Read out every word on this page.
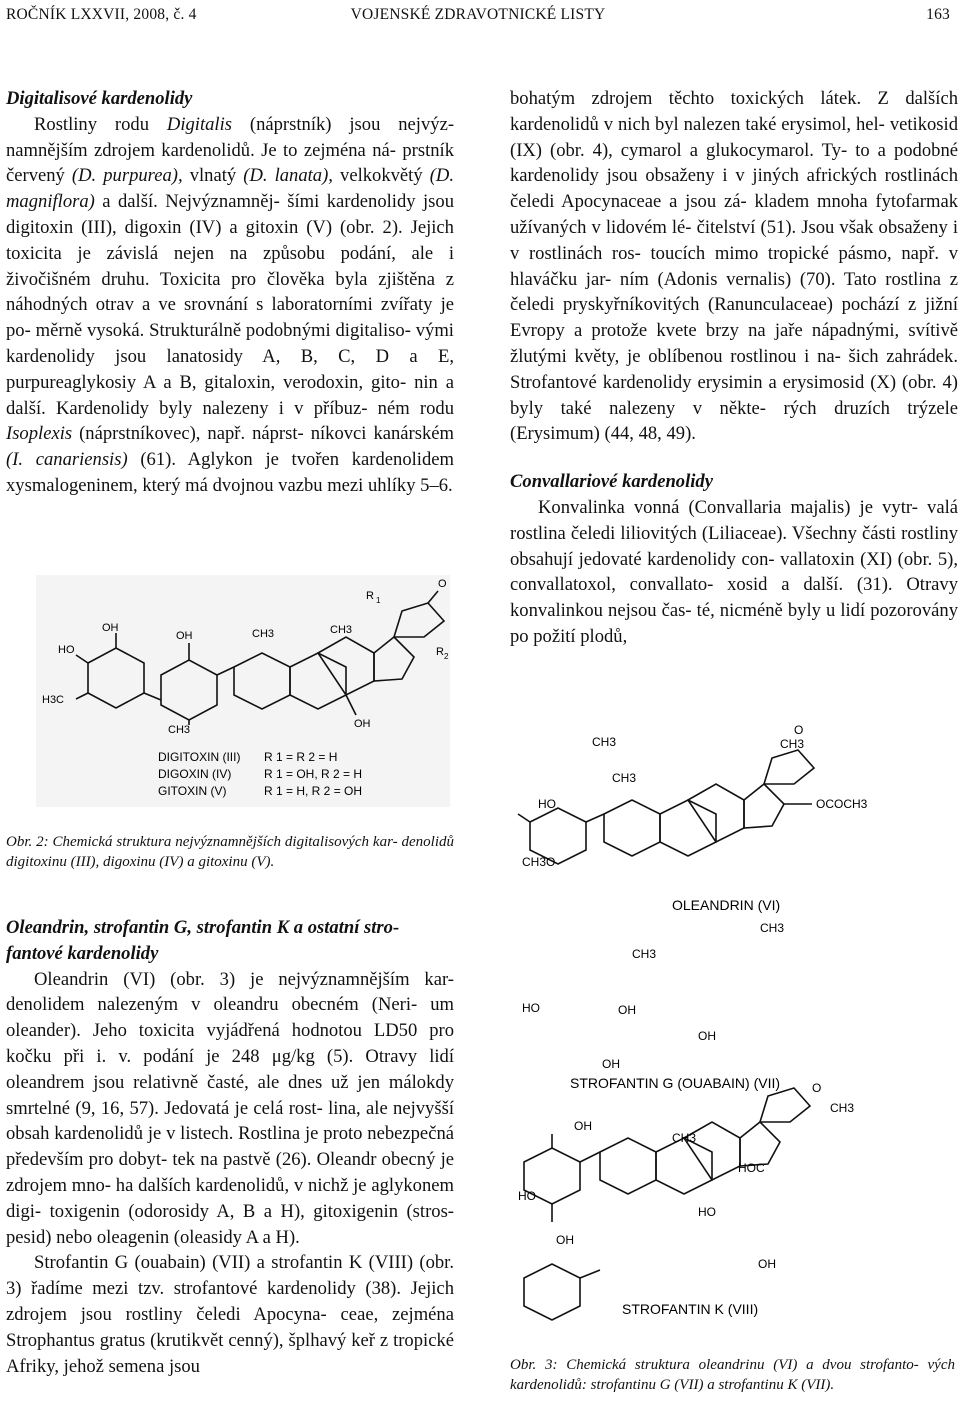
ROČNÍK LXXVII, 2008, č. 4	VOJENSKÉ ZDRAVOTNICKÉ LISTY	163

Digitalisové kardenolidy

Rostliny rodu Digitalis (náprstník) jsou nejvýz- namnějším zdrojem kardenolidů. Je to zejména ná- prstník červený (D. purpurea), vlnatý (D. lanata), velkokvětý (D. magniflora) a další. Nejvýznamněj- šími kardenolidy jsou digitoxin (III), digoxin (IV) a gitoxin (V) (obr. 2). Jejich toxicita je závislá nejen na způsobu podání, ale i živočišném druhu. Toxicita pro člověka byla zjištěna z náhodných otrav a ve srovnání s laboratorními zvířaty je po- měrně vysoká. Strukturálně podobnými digitaliso- vými kardenolidy jsou lanatosidy A, B, C, D a E, purpureaglykosiy A a B, gitaloxin, verodoxin, gito- nin a další. Kardenolidy byly nalezeny i v příbuz- ném rodu Isoplexis (náprstníkovec), např. náprst- níkovci kanárském (I. canariensis) (61). Aglykon je tvořen kardenolidem xysmalogeninem, který má dvojnou vazbu mezi uhlíky 5–6.

OH
HO
H3C
OH
CH3
CH3	CH3
R 1
R 2
OH
O
DIGITOXIN (III) R 1 = R 2 = H
DIGOXIN (IV)	R 1 = OH, R 2 = H
GITOXIN (V)	R 1 = H, R 2 = OH

Obr. 2: Chemická struktura nejvýznamnějších digitalisových kar- denolidů digitoxinu (III), digoxinu (IV) a gitoxinu (V).

Oleandrin, strofantin G, strofantin K a ostatní stro- fantové kardenolidy

Oleandrin (VI) (obr. 3) je nejvýznamnějším kar- denolidem nalezeným v oleandru obecném (Neri- um oleander). Jeho toxicita vyjádřená hodnotou LD50 pro kočku při i. v. podání je 248 μg/kg (5). Otravy lidí oleandrem jsou relativně časté, ale dnes už jen málokdy smrtelné (9, 16, 57). Jedovatá je celá rost- lina, ale nejvyšší obsah kardenolidů je v listech. Rostlina je proto nebezpečná především pro dobyt- tek na pastvě (26). Oleandr obecný je zdrojem mno- ha dalších kardenolidů, v nichž je aglykonem digi- toxigenin (odorosidy A, B a H), gitoxigenin (stros- pesid) nebo oleagenin (oleasidy A a H).

Strofantin G (ouabain) (VII) a strofantin K (VIII) (obr. 3) řadíme mezi tzv. strofantové kardenolidy (38). Jejich zdrojem jsou rostliny čeledi Apocyna- ceae, zejména Strophantus gratus (krutikvět cenný), šplhavý keř z tropické Afriky, jehož semena jsou

bohatým zdrojem těchto toxických látek. Z dalších kardenolidů v nich byl nalezen také erysimol, hel- vetikosid (IX) (obr. 4), cymarol a glukocymarol. Ty- to a podobné kardenolidy jsou obsaženy i v jiných afrických rostlinách čeledi Apocynaceae a jsou zá- kladem mnoha fytofarmak užívaných v lidovém lé- čitelství (51). Jsou však obsaženy i v rostlinách ros- toucích mimo tropické pásmo, např. v hlaváčku jar- ním (Adonis vernalis) (70). Tato rostlina z čeledi pryskyřníkovitých (Ranunculaceae) pochází z jižní Evropy a protože kvete brzy na jaře nápadnými, svítivě žlutými květy, je oblíbenou rostlinou i na- šich zahrádek. Strofantové kardenolidy erysimin a erysimosid (X) (obr. 4) byly také nalezeny v někte- rých druzích trýzele (Erysimum) (44, 48, 49).

Convallariové kardenolidy

Konvalinka vonná (Convallaria majalis) je vytr- valá rostlina čeledi liliovitých (Liliaceae). Všechny části rostliny obsahují jedovaté kardenolidy con- vallatoxin (XI) (obr. 5), convallatoxol, convallato- xosid a další. (31). Otravy konvalinkou nejsou čas- té, nicméně byly u lidí pozorovány po požití plodů,

CH3
CH3
CH3
O
HO	OCOCH3
CH3O
OLEANDRIN (VI)
CH3
CH3
HO	OH
OH
OH
STROFANTIN G (OUABAIN) (VII)
CH3
O
OH
CH3
HOC
HO
HO
OH
OH
STROFANTIN K (VIII)

Obr. 3: Chemická struktura oleandrinu (VI) a dvou strofanto- vých kardenolidů: strofantinu G (VII) a strofantinu K (VII).
